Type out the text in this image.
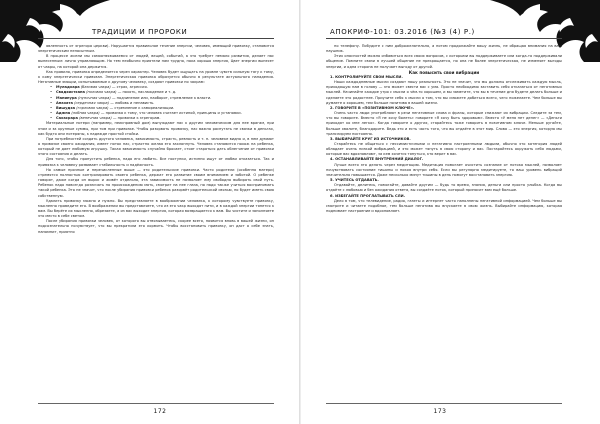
ТРАДИЦИИ И ПРОРОКИ

явленность от эгрегора церкви). Нарушается правильное течение энергии, человек, имеющий привязку, становится энергетическим ненасытным.

В процессе жизни мы самоотвязываемся от людей, вещей, событий, а это требует немало развития, делает нас вынесенным: лично управляющим. Но тем необычно приятели нам трудно, пока хорошо энергия, Цвет энергии вынесет от чакры, на которой она держится.

Как правило, привязка определяется через характер. Человек будет ощущать на уровне чувств сильную тягу к тому, к кому энергетически привязан. Энергетическая привязка образуется обычно в результате актуального нападения. Негативные эмоции, испытываемые к другому человеку, создают привязки по чакрам:

• Муладхара (базовая чакра) — страх, агрессия.
• Свадхистхана (половая чакра) — похоть, наслаждение и т. д.
• Манипура (пупочная чакра) — подчинение или, наоборот, стремление к власти.
• Анахата (сердечная чакра) — любовь и ненависть.
• Вишудха (горловая чакра) — стремление к самореализации.
• Аджна (лобная чакра) — привязка к тому, что человек считает истиной, принципы и установки.
• Сахасрара (венечная чакра) — привязки к эгрегорам.

Материальные потери (например, неисправный дом) вынуждают нас к другим человеческим для нее врагам, при этом и за крупные суммы, при том при привязке. Чтобы разорвать привязку, нас важно распутать не связки в деньгах, как будто они потеряны, к надежде простой стойки.

При потребностей создать другого человека, зависимость, страсть, ревность и т. п. человеке видно и, в нем думают о привязке своего ожидания, имеет поток нас, страстно желая его захлопнуть. Человек становится похож на ребенка, который не дает любимую игрушку. Такая зависимость случайно бросает, стоят стараться дать облегчение от привязки этого состояния и делать.

Для того, чтобы пропустить ребенка, надо его любить. Все поступки, истинно ищут от любви отказаться. Так и привязка к человеку развивает стабильность и надёжность.

Но самые прочные и перечисленные выше — это родительские привязки. Часто родители (особенно матери) стремятся полностью контролировать своего ребенка, держат его развитие своим вниманием и заботой. О ребенке говорят, даже когда он вырос и живёт отдельно, эта зависимость не позволяет ему свободно выбирать свой путь. Ребенок надо навсегда различать по происхождению мать, смотрит на нее глаза, но надо также учиться воспринимать такой ребенка. Это не значит, что после убирания привязки ребенок разорвёт родительской связью, но будет иметь свою собственную.

Удалить привязку можно и нужно. Вы представляете в воображении человека, к которому чувствуете привязку, мысленно проведите его. В воображении вы представляете, что из его чакр выходят нити, и в каждой энергии тянется к вам. Вы берёте их мысленно, обрезаете, а из вас выходит энергия, которая возвращается к вам. Вы чистите и заполняете это место в себе светом.

После убирания привязки человек, от которого вы отвязываетесь, скорее всего, появится вновь в вашей жизни, он подсознательно почувствует, что вы прекратили его кормить. Чтобы восстановить привязку, он даст о себе знать, напомнит, приятно

172
АПОКРИФ-101: 03.2016 (№3 (4) Р.)

по телефону. Побудите с ним доброжелательно, а потом продолжайте вашу жизнь, не обращая внимания на ваш наушник.

Этих опасностей можно избавиться всех своих вопросов, с которыми вы поддерживаете или когда-то поддерживали общение. Помните связи в лучшей общение не прекращается, но она не более энергетическая, не изменяет выгоды энергии, и одна сторона не получает выгоду от другой.

Как повысить свои вибрации

1. КОНТРОЛИРУЙТЕ СВОИ МЫСЛИ.

Наши каждодневные мысли создают нашу реальность. Это не значит, что мы должны отслеживать каждую мысль, приходящую нам в голову — это может свести вас с ума. Просто необходимо заставить себя отказаться от негативных мыслей. Начинайте каждое утро с мысли о чём-то хорошем, и вы заметите, что вы в течение дня будете делать больше и сделаете это радостнее. Приучите себя к мысли о том, что вы сможете добиться всего, чего пожелаете. Чем больше вы думаете о хорошем, тем больше позитива в вашей жизни.

2. ГОВОРИТЕ В «ПОЗИТИВНОМ КЛЮЧЕ».

Очень часто люди употребляют в речи негативные слова и фразы, которые снижают их вибрации. Следите за тем, что вы говорите. Вместо «Я не хочу болеть» говорите «Я хочу быть здоровым». Вместо «У меня нет денег» — «Деньги приходят ко мне легко». Когда говорите о других, старайтесь тоже говорить в позитивном ключе. Меньше ругайте, больше хвалите, благодарите. Ведь это и есть часть того, что вы отдаёте в этот мир. Слова — это энергия, которую мы транслируем постоянно.

3. ВЫБИРАЙТЕ КРУГ ИЗ ИСТОЧНИКОВ.

Старайтесь не общаться с пессимистичными и негативно настроенными людьми, обычно это категория людей обладает очень низкой вибрацией, и это может тянуть в свою сторону и вас. Постарайтесь окружать себя людьми, которые вас вдохновляют, за кем хочется тянуться, кто верит в вас.

4. ОСТАНАВЛИВАЙТЕ ВНУТРЕННИЙ ДИАЛОГ.

Лучше всего это делать через медитацию. Медитация помогает очистить сознание от потока мыслей, позволяет почувствовать состояние тишины и покоя внутри себя. Если вы регулярно медитируете, то ваш уровень вибраций значительно повышается. Даже несколько минут тишины в день помогут восстановить энергию.

5. УЧИТЕСЬ ОТДАВАТЬ.

Отдавайте, делитесь, помогайте, давайте другим — будь то время, знания, деньги или просто улыбка. Когда вы отдаёте с любовью и без ожидания ответа, вы создаёте поток, который приносит вам ещё больше.

6. ИЗБЕГАЙТЕ ПРОГЛАТЫВАТЬ СЛИ.

Дело в том, что телевидение, радио, газеты и интернет часто наполнены негативной информацией. Чем больше вы смотрите и читаете подобное, тем больше негатива вы впускаете в свою жизнь. Выбирайте информацию, которая поднимает настроение и вдохновляет.

173
